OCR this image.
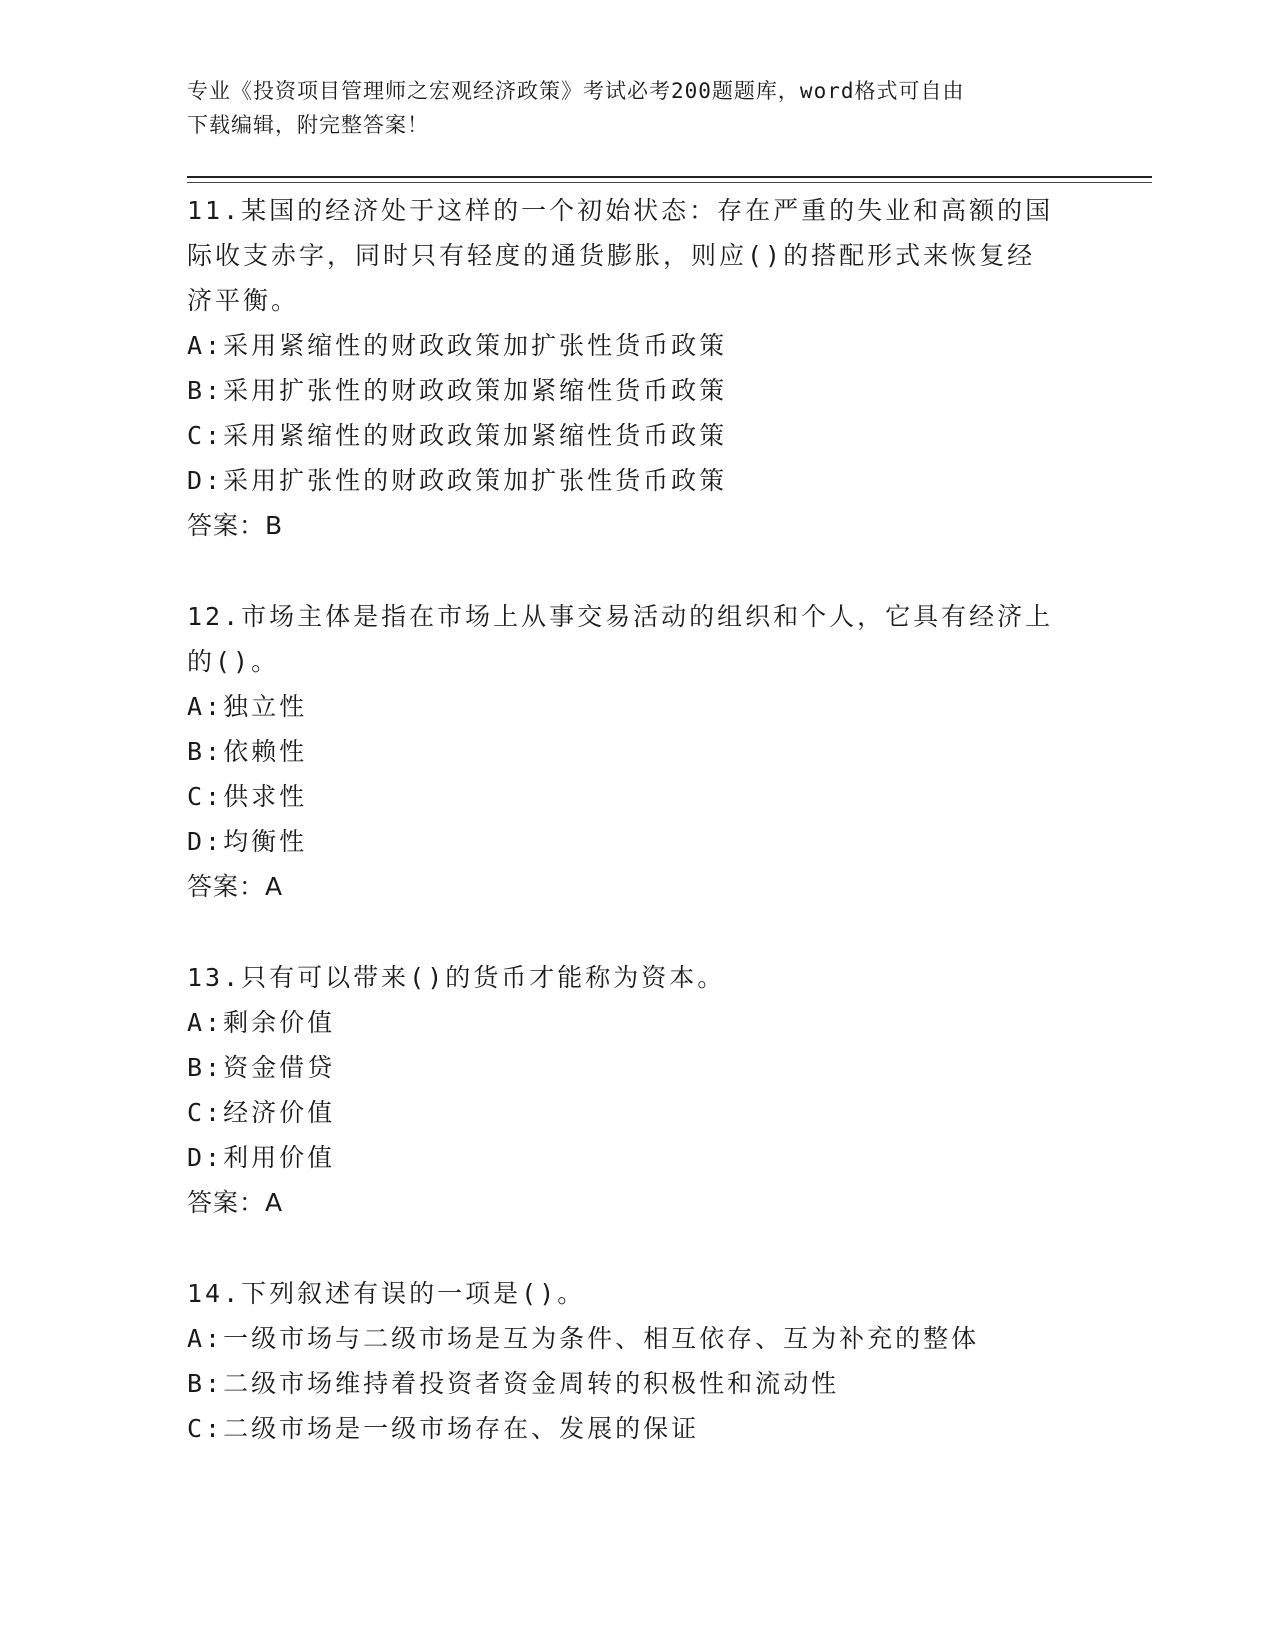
专业《投资项目管理师之宏观经济政策》考试必考200题题库，word格式可自由
下载编辑，附完整答案！

11.某国的经济处于这样的一个初始状态：存在严重的失业和高额的国
际收支赤字，同时只有轻度的通货膨胀，则应()的搭配形式来恢复经
济平衡。

A:采用紧缩性的财政政策加扩张性货币政策

B:采用扩张性的财政政策加紧缩性货币政策

C:采用紧缩性的财政政策加紧缩性货币政策

D:采用扩张性的财政政策加扩张性货币政策

答案：B

12.市场主体是指在市场上从事交易活动的组织和个人，它具有经济上
的()。

A:独立性

B:依赖性

C:供求性

D:均衡性

答案：A

13.只有可以带来()的货币才能称为资本。

A:剩余价值

B:资金借贷

C:经济价值

D:利用价值

答案：A

14.下列叙述有误的一项是()。

A:一级市场与二级市场是互为条件、相互依存、互为补充的整体

B:二级市场维持着投资者资金周转的积极性和流动性

C:二级市场是一级市场存在、发展的保证
